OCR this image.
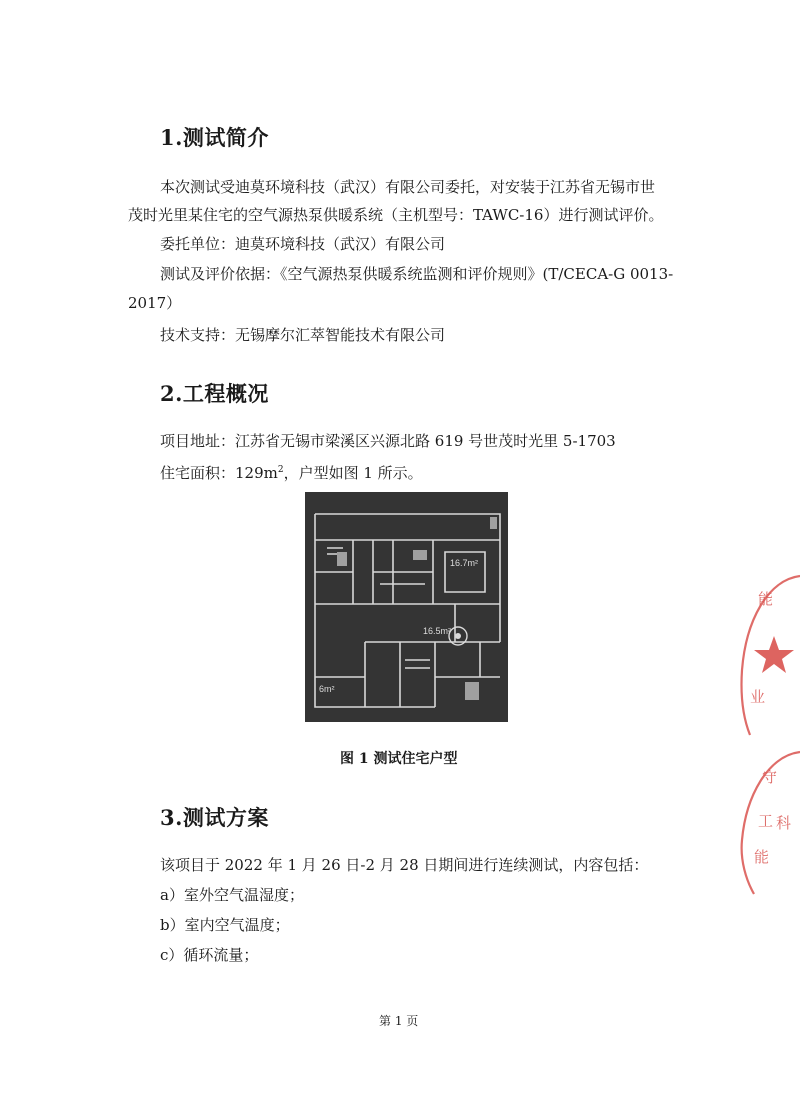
1.测试简介
本次测试受迪莫环境科技（武汉）有限公司委托，对安装于江苏省无锡市世
茂时光里某住宅的空气源热泵供暖系统（主机型号：TAWC-16）进行测试评价。
委托单位：迪莫环境科技（武汉）有限公司
测试及评价依据：《空气源热泵供暖系统监测和评价规则》(T/CECA-G 0013-
2017）
技术支持：无锡摩尔汇萃智能技术有限公司
2.工程概况
项目地址：江苏省无锡市梁溪区兴源北路 619 号世茂时光里 5-1703
住宅面积：$129m^2$，户型如图 1 所示。
16.7m²
16.5m²
6m²
图 1 测试住宅户型
3.测试方案
该项目于 2022 年 1 月 26 日-2 月 28 日期间进行连续测试，内容包括：
a）室外空气温湿度；
b）室内空气温度；
c）循环流量；
第 1 页
能
业
守
工 科
能
